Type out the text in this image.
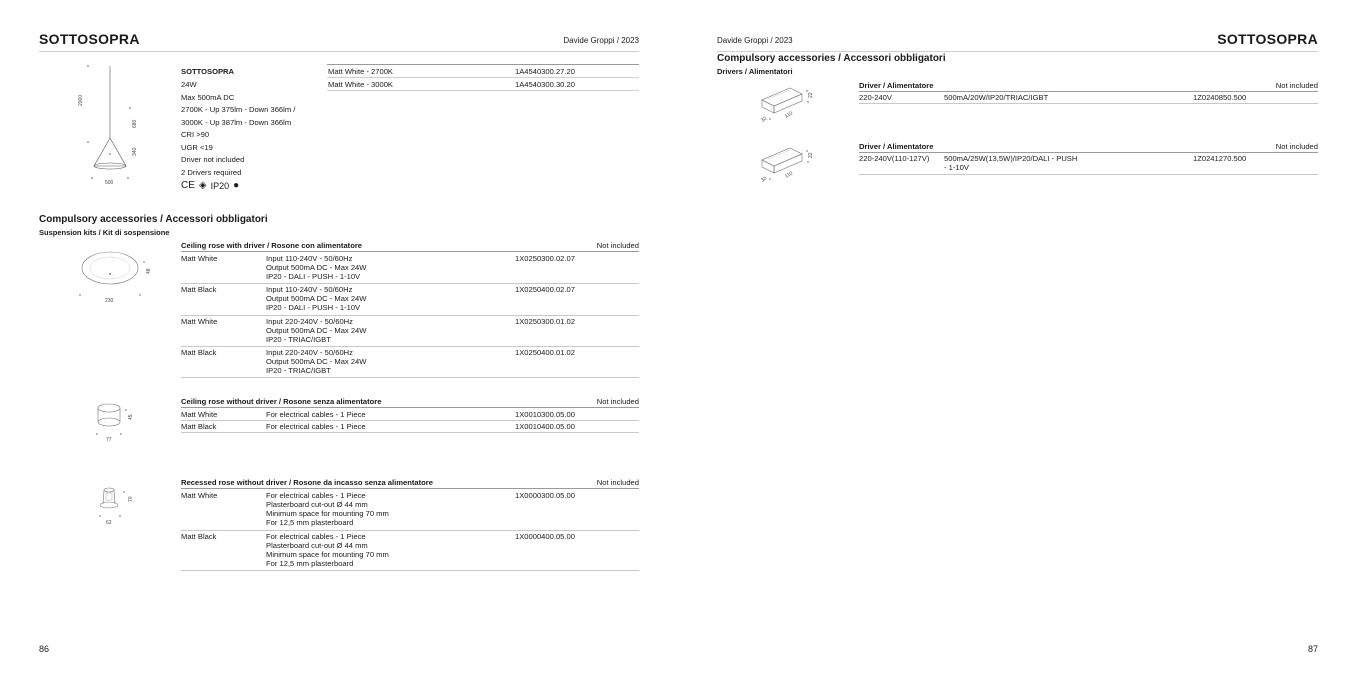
SOTTOSOPRA	Davide Groppi / 2023
2000
680
340
500
SOTTOSOPRA
24W
Max 500mA DC
2700K - Up 375lm - Down 366lm /
3000K - Up 387lm - Down 366lm
CRI >90
UGR <19
Driver not included
2 Drivers required
CE ◈ IP20 ●
Matt White - 2700K	1A4540300.27.20
Matt White - 3000K	1A4540300.30.20
Compulsory accessories / Accessori obbligatori
Suspension kits / Kit di sospensione
48
230
Ceiling rose with driver / Rosone con alimentatore	Not included
Matt White	Input 110-240V - 50/60Hz
Output 500mA DC - Max 24W
IP20 - DALI - PUSH - 1-10V
1X0250300.02.07
Matt Black	Input 110-240V - 50/60Hz
Output 500mA DC - Max 24W
IP20 - DALI - PUSH - 1-10V
1X0250400.02.07
Matt White	Input 220-240V - 50/60Hz
Output 500mA DC - Max 24W
IP20 - TRIAC/IGBT
1X0250300.01.02
Matt Black	Input 220-240V - 50/60Hz
Output 500mA DC - Max 24W
IP20 - TRIAC/IGBT
1X0250400.01.02
45
77
Ceiling rose without driver / Rosone senza alimentatore	Not included
Matt White	For electrical cables - 1 Piece	1X0010300.05.00
Matt Black	For electrical cables - 1 Piece	1X0010400.05.00
70
62
Recessed rose without driver / Rosone da incasso senza alimentatore	Not included
Matt White	For electrical cables - 1 Piece
Plasterboard cut-out Ø 44 mm
Minimum space for mounting 70 mm
For 12,5 mm plasterboard
1X0000300.05.00
Matt Black	For electrical cables - 1 Piece
Plasterboard cut-out Ø 44 mm
Minimum space for mounting 70 mm
For 12,5 mm plasterboard
1X0000400.05.00
86
Davide Groppi / 2023	SOTTOSOPRA
Compulsory accessories / Accessori obbligatori
Drivers / Alimentatori
22
32
110
Driver / Alimentatore	Not included
220-240V	500mA/20W/IP20/TRIAC/IGBT	1Z0240850.500
22
32
110
Driver / Alimentatore	Not included
220-240V(110-127V) 500mA/25W(13,5W)/IP20/DALI - PUSH
- 1-10V
1Z0241270.500
87
